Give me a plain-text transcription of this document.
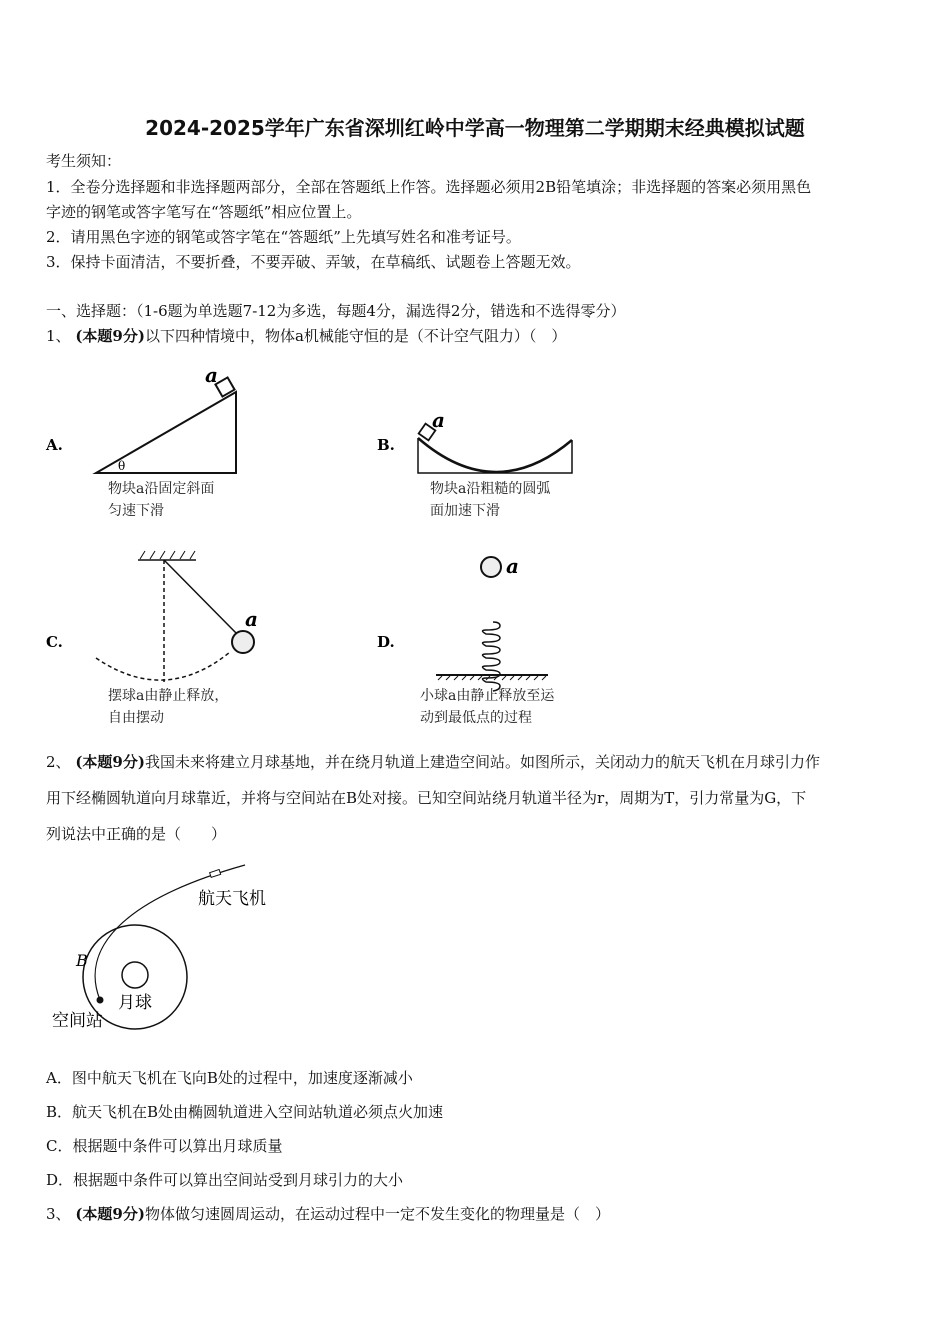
2024-2025学年广东省深圳红岭中学高一物理第二学期期末经典模拟试题
考生须知：
1．全卷分选择题和非选择题两部分，全部在答题纸上作答。选择题必须用2B铅笔填涂；非选择题的答案必须用黑色
字迹的钢笔或答字笔写在“答题纸”相应位置上。
2．请用黑色字迹的钢笔或答字笔在“答题纸”上先填写姓名和准考证号。
3．保持卡面清洁，不要折叠，不要弄破、弄皱，在草稿纸、试题卷上答题无效。
一、选择题：（1-6题为单选题7-12为多选，每题4分，漏选得2分，错选和不选得零分）
1、 (本题9分)以下四种情境中，物体a机械能守恒的是（不计空气阻力）（　）
A.
a
θ
物块a沿固定斜面
匀速下滑
B.
a
物块a沿粗糙的圆弧
面加速下滑
C.
a
摆球a由静止释放，
自由摆动
D.
a
小球a由静止释放至运
动到最低点的过程
2、 (本题9分)我国未来将建立月球基地，并在绕月轨道上建造空间站。如图所示，关闭动力的航天飞机在月球引力作
用下经椭圆轨道向月球靠近，并将与空间站在B处对接。已知空间站绕月轨道半径为r，周期为T，引力常量为G，下
列说法中正确的是（　　）
航天飞机
B
月球
空间站
A．图中航天飞机在飞向B处的过程中，加速度逐渐减小
B．航天飞机在B处由椭圆轨道进入空间站轨道必须点火加速
C．根据题中条件可以算出月球质量
D．根据题中条件可以算出空间站受到月球引力的大小
3、 (本题9分)物体做匀速圆周运动，在运动过程中一定不发生变化的物理量是（　）
